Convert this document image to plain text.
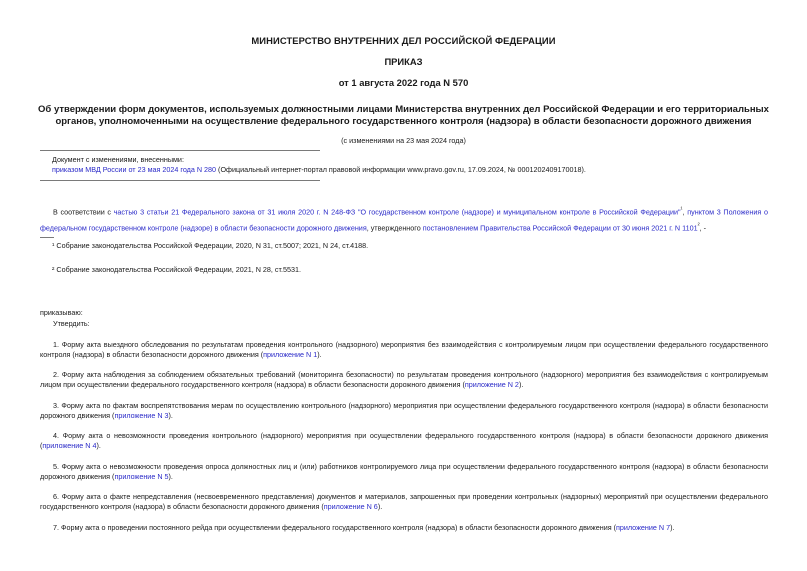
МИНИСТЕРСТВО ВНУТРЕННИХ ДЕЛ РОССИЙСКОЙ ФЕДЕРАЦИИ
ПРИКАЗ
от 1 августа 2022 года N 570
Об утверждении форм документов, используемых должностными лицами Министерства внутренних дел Российской Федерации и его территориальных органов, уполномоченными на осуществление федерального государственного контроля (надзора) в области безопасности дорожного движения
(с изменениями на 23 мая 2024 года)
Документ с изменениями, внесенными:
приказом МВД России от 23 мая 2024 года N 280 (Официальный интернет-портал правовой информации www.pravo.gov.ru, 17.09.2024, № 0001202409170018).
В соответствии с частью 3 статьи 21 Федерального закона от 31 июля 2020 г. N 248-ФЗ "О государственном контроле (надзоре) и муниципальном контроле в Российской Федерации"$^{^1}$, пунктом 3 Положения о федеральном государственном контроле (надзоре) в области безопасности дорожного движения, утвержденного постановлением Правительства Российской Федерации от 30 июня 2021 г. N $1101^{^2}$, -
¹ Собрание законодательства Российской Федерации, 2020, N 31, ст.5007; 2021, N 24, ст.4188.
² Собрание законодательства Российской Федерации, 2021, N 28, ст.5531.
приказываю:
Утвердить:
1. Форму акта выездного обследования по результатам проведения контрольного (надзорного) мероприятия без взаимодействия с контролируемым лицом при осуществлении федерального государственного контроля (надзора) в области безопасности дорожного движения (приложение N 1).
2. Форму акта наблюдения за соблюдением обязательных требований (мониторинга безопасности) по результатам проведения контрольного (надзорного) мероприятия без взаимодействия с контролируемым лицом при осуществлении федерального государственного контроля (надзора) в области безопасности дорожного движения (приложение N 2).
3. Форму акта по фактам воспрепятствования мерам по осуществлению контрольного (надзорного) мероприятия при осуществлении федерального государственного контроля (надзора) в области безопасности дорожного движения (приложение N 3).
4. Форму акта о невозможности проведения контрольного (надзорного) мероприятия при осуществлении федерального государственного контроля (надзора) в области безопасности дорожного движения (приложение N 4).
5. Форму акта о невозможности проведения опроса должностных лиц и (или) работников контролируемого лица при осуществлении федерального государственного контроля (надзора) в области безопасности дорожного движения (приложение N 5).
6. Форму акта о факте непредставления (несвоевременного представления) документов и материалов, запрошенных при проведении контрольных (надзорных) мероприятий при осуществлении федерального государственного контроля (надзора) в области безопасности дорожного движения (приложение N 6).
7. Форму акта о проведении постоянного рейда при осуществлении федерального государственного контроля (надзора) в области безопасности дорожного движения (приложение N 7).
